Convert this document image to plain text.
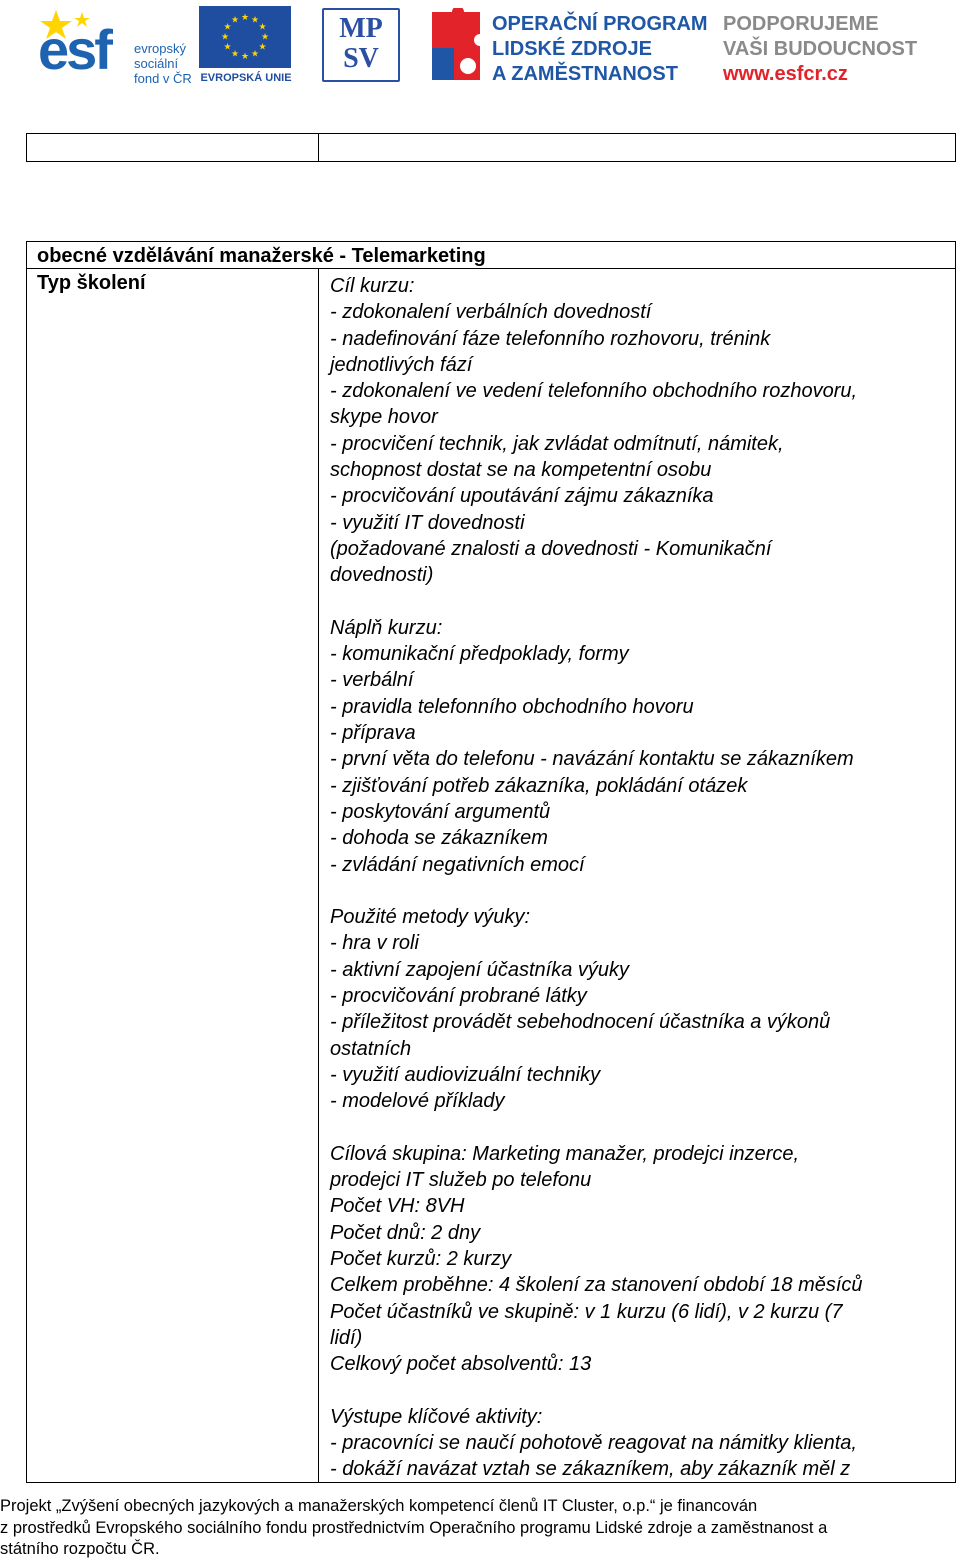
esf evropský
sociální
fond v ČR
★ ★
★
★
★
★
★
★
★
★
★
★
EVROPSKÁ UNIE
MP
SV
OPERAČNÍ PROGRAM
LIDSKÉ ZDROJE
A ZAMĚSTNANOST
PODPORUJEME
VAŠI BUDOUCNOST
www.esfcr.cz

obecné vzdělávání manažerské - Telemarketing
Typ školení	Cíl kurzu:
- zdokonalení verbálních dovedností
- nadefinování fáze telefonního rozhovoru, trénink
jednotlivých fází
- zdokonalení ve vedení telefonního obchodního rozhovoru,
skype hovor
- procvičení technik, jak zvládat odmítnutí, námitek,
schopnost dostat se na kompetentní osobu
- procvičování upoutávání zájmu zákazníka
- využití IT dovednosti
(požadované znalosti a dovednosti - Komunikační
dovednosti)
Náplň kurzu:
- komunikační předpoklady, formy
- verbální
- pravidla telefonního obchodního hovoru
- příprava
- první věta do telefonu - navázání kontaktu se zákazníkem
- zjišťování potřeb zákazníka, pokládání otázek
- poskytování argumentů
- dohoda se zákazníkem
- zvládání negativních emocí
Použité metody výuky:
- hra v roli
- aktivní zapojení účastníka výuky
- procvičování probrané látky
- příležitost provádět sebehodnocení účastníka a výkonů
ostatních
- využití audiovizuální techniky
- modelové příklady
Cílová skupina: Marketing manažer, prodejci inzerce,
prodejci IT služeb po telefonu
Počet VH: 8VH
Počet dnů: 2 dny
Počet kurzů: 2 kurzy
Celkem proběhne: 4 školení za stanovení období 18 měsíců
Počet účastníků ve skupině: v 1 kurzu (6 lidí), v 2 kurzu (7
lidí)
Celkový počet absolventů: 13
Výstupe klíčové aktivity:
- pracovníci se naučí pohotově reagovat na námitky klienta,
- dokáží navázat vztah se zákazníkem, aby zákazník měl z
Projekt „Zvýšení obecných jazykových a manažerských kompetencí členů IT Cluster, o.p.“ je financován
z prostředků Evropského sociálního fondu prostřednictvím Operačního programu Lidské zdroje a zaměstnanost a
státního rozpočtu ČR.
